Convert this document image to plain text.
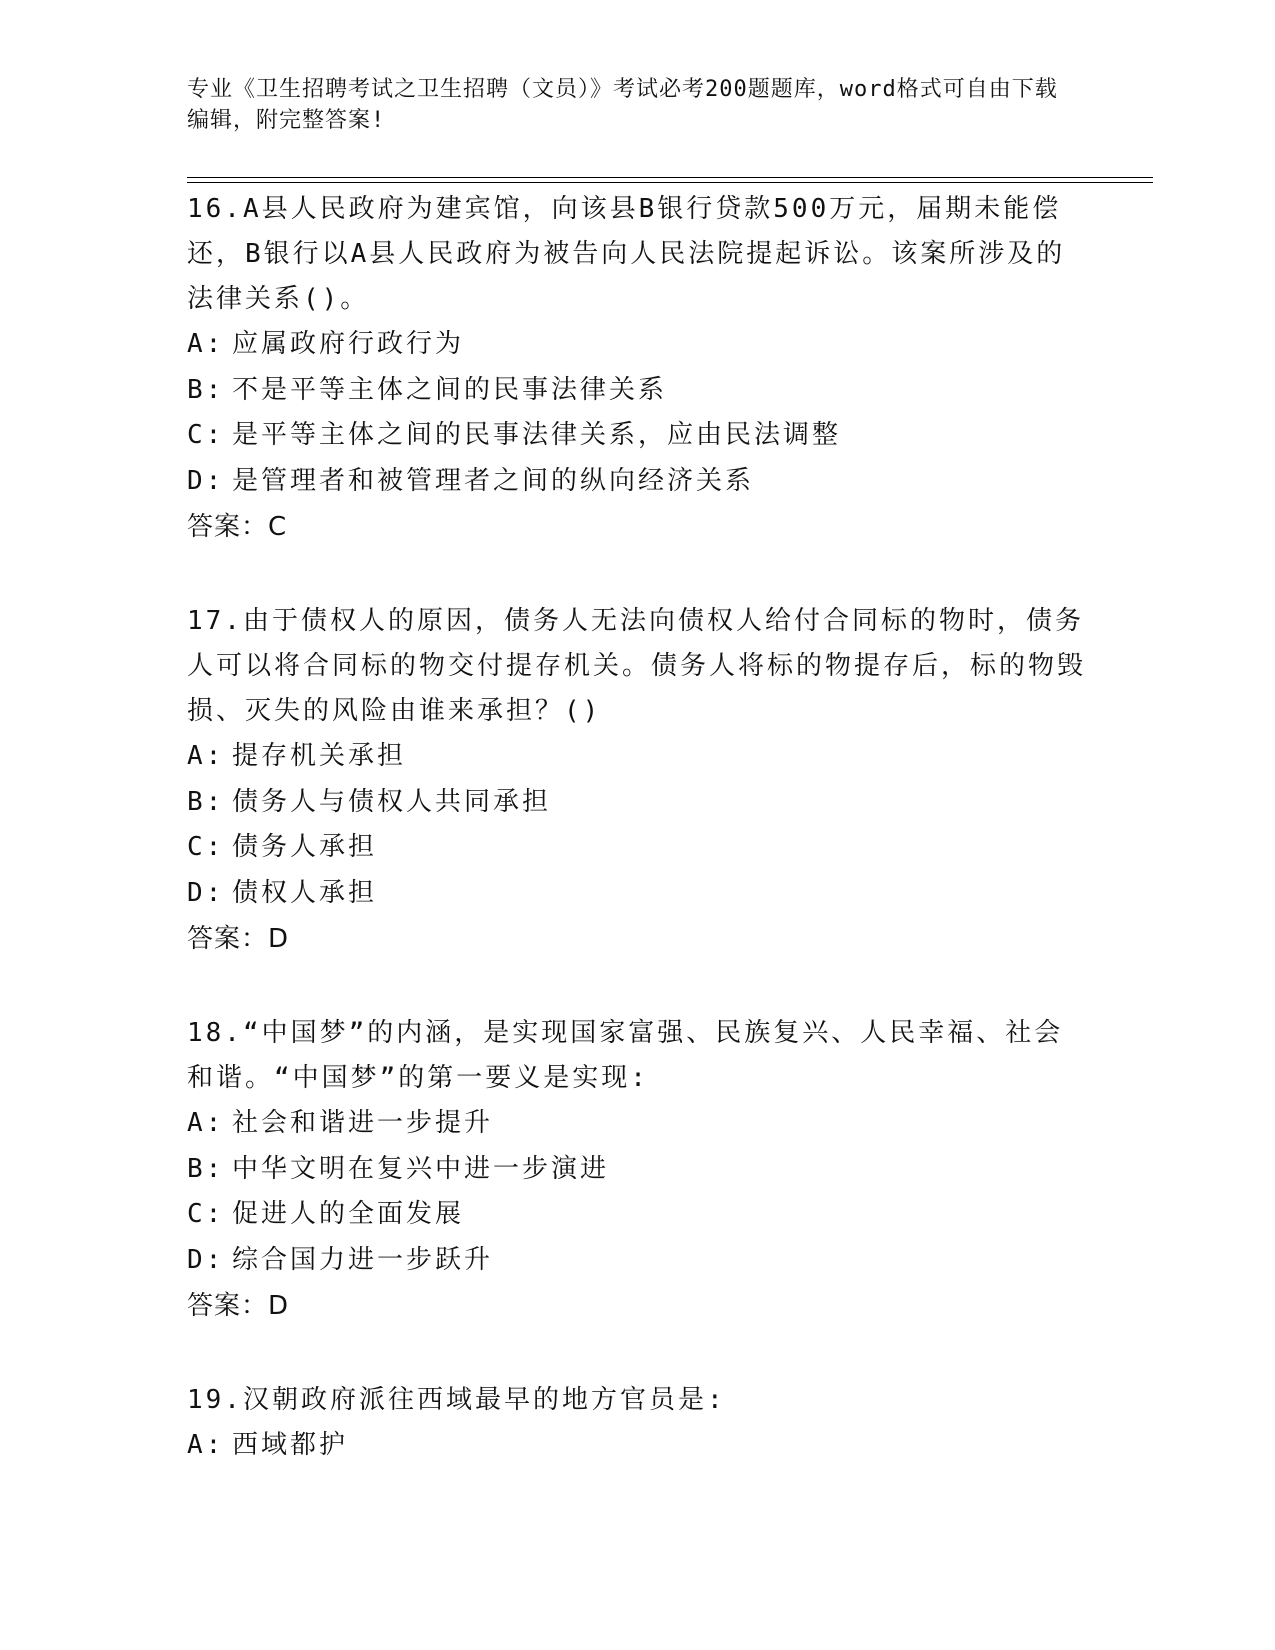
专业《卫生招聘考试之卫生招聘（文员）》考试必考200题题库，word格式可自由下载编辑，附完整答案!
16.A县人民政府为建宾馆，向该县B银行贷款500万元，届期未能偿还，B银行以A县人民政府为被告向人民法院提起诉讼。该案所涉及的法律关系()。
A: 应属政府行政行为
B: 不是平等主体之间的民事法律关系
C: 是平等主体之间的民事法律关系，应由民法调整
D: 是管理者和被管理者之间的纵向经济关系
答案：C
17.由于债权人的原因，债务人无法向债权人给付合同标的物时，债务人可以将合同标的物交付提存机关。债务人将标的物提存后，标的物毁损、灭失的风险由谁来承担？()
A: 提存机关承担
B: 债务人与债权人共同承担
C: 债务人承担
D: 债权人承担
答案：D
18.“中国梦”的内涵，是实现国家富强、民族复兴、人民幸福、社会和谐。“中国梦”的第一要义是实现:
A: 社会和谐进一步提升
B: 中华文明在复兴中进一步演进
C: 促进人的全面发展
D: 综合国力进一步跃升
答案：D
19.汉朝政府派往西域最早的地方官员是:
A: 西域都护
